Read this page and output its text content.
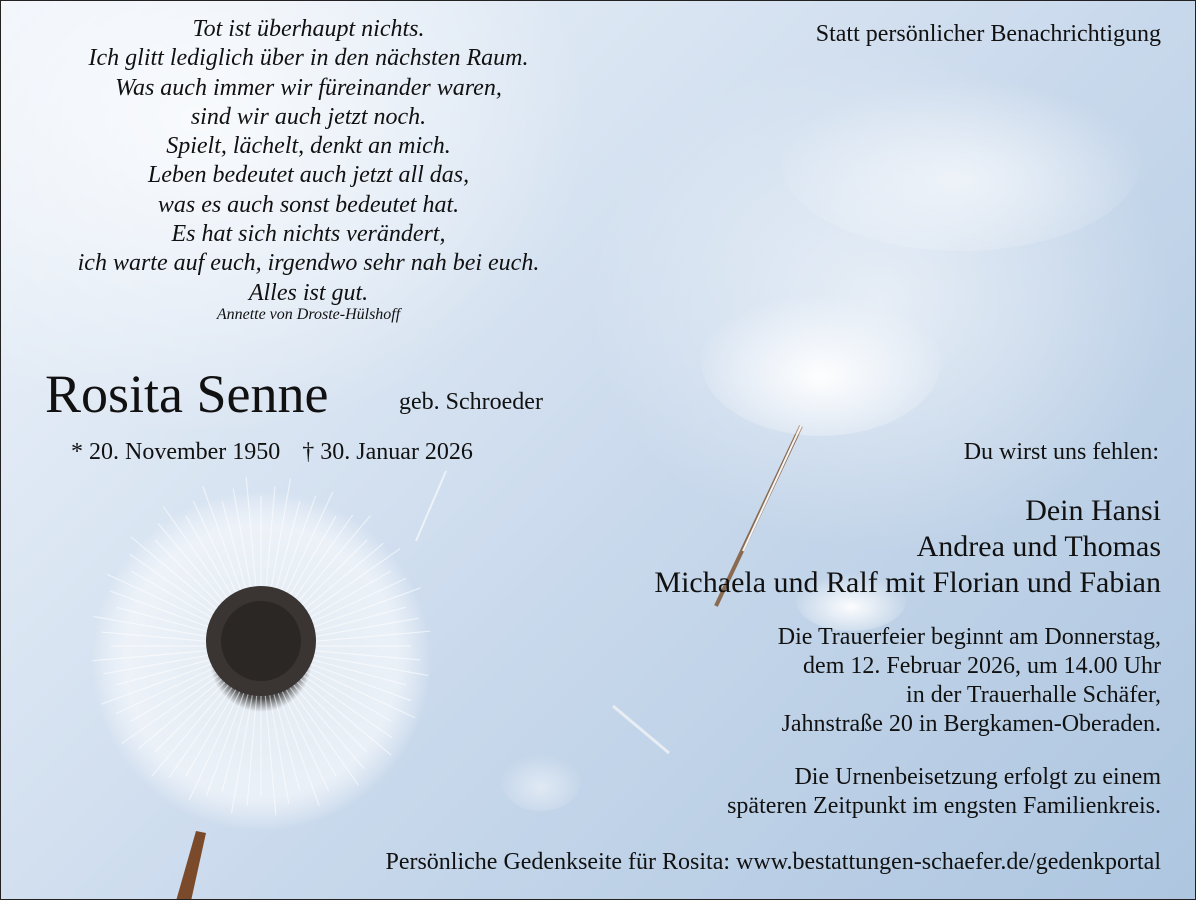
Tot ist überhaupt nichts.
Ich glitt lediglich über in den nächsten Raum.
Was auch immer wir füreinander waren,
sind wir auch jetzt noch.
Spielt, lächelt, denkt an mich.
Leben bedeutet auch jetzt all das,
was es auch sonst bedeutet hat.
Es hat sich nichts verändert,
ich warte auf euch, irgendwo sehr nah bei euch.
Alles ist gut.
Annette von Droste-Hülshoff
Statt persönlicher Benachrichtigung
Rosita Senne	geb. Schroeder
* 20. November 1950 † 30. Januar 2026	Du wirst uns fehlen:
Dein Hansi
Andrea und Thomas
Michaela und Ralf mit Florian und Fabian
Die Trauerfeier beginnt am Donnerstag,
dem 12. Februar 2026, um 14.00 Uhr
in der Trauerhalle Schäfer,
Jahnstraße 20 in Bergkamen-Oberaden.
Die Urnenbeisetzung erfolgt zu einem
späteren Zeitpunkt im engsten Familienkreis.
Persönliche Gedenkseite für Rosita: www.bestattungen-schaefer.de/gedenkportal
